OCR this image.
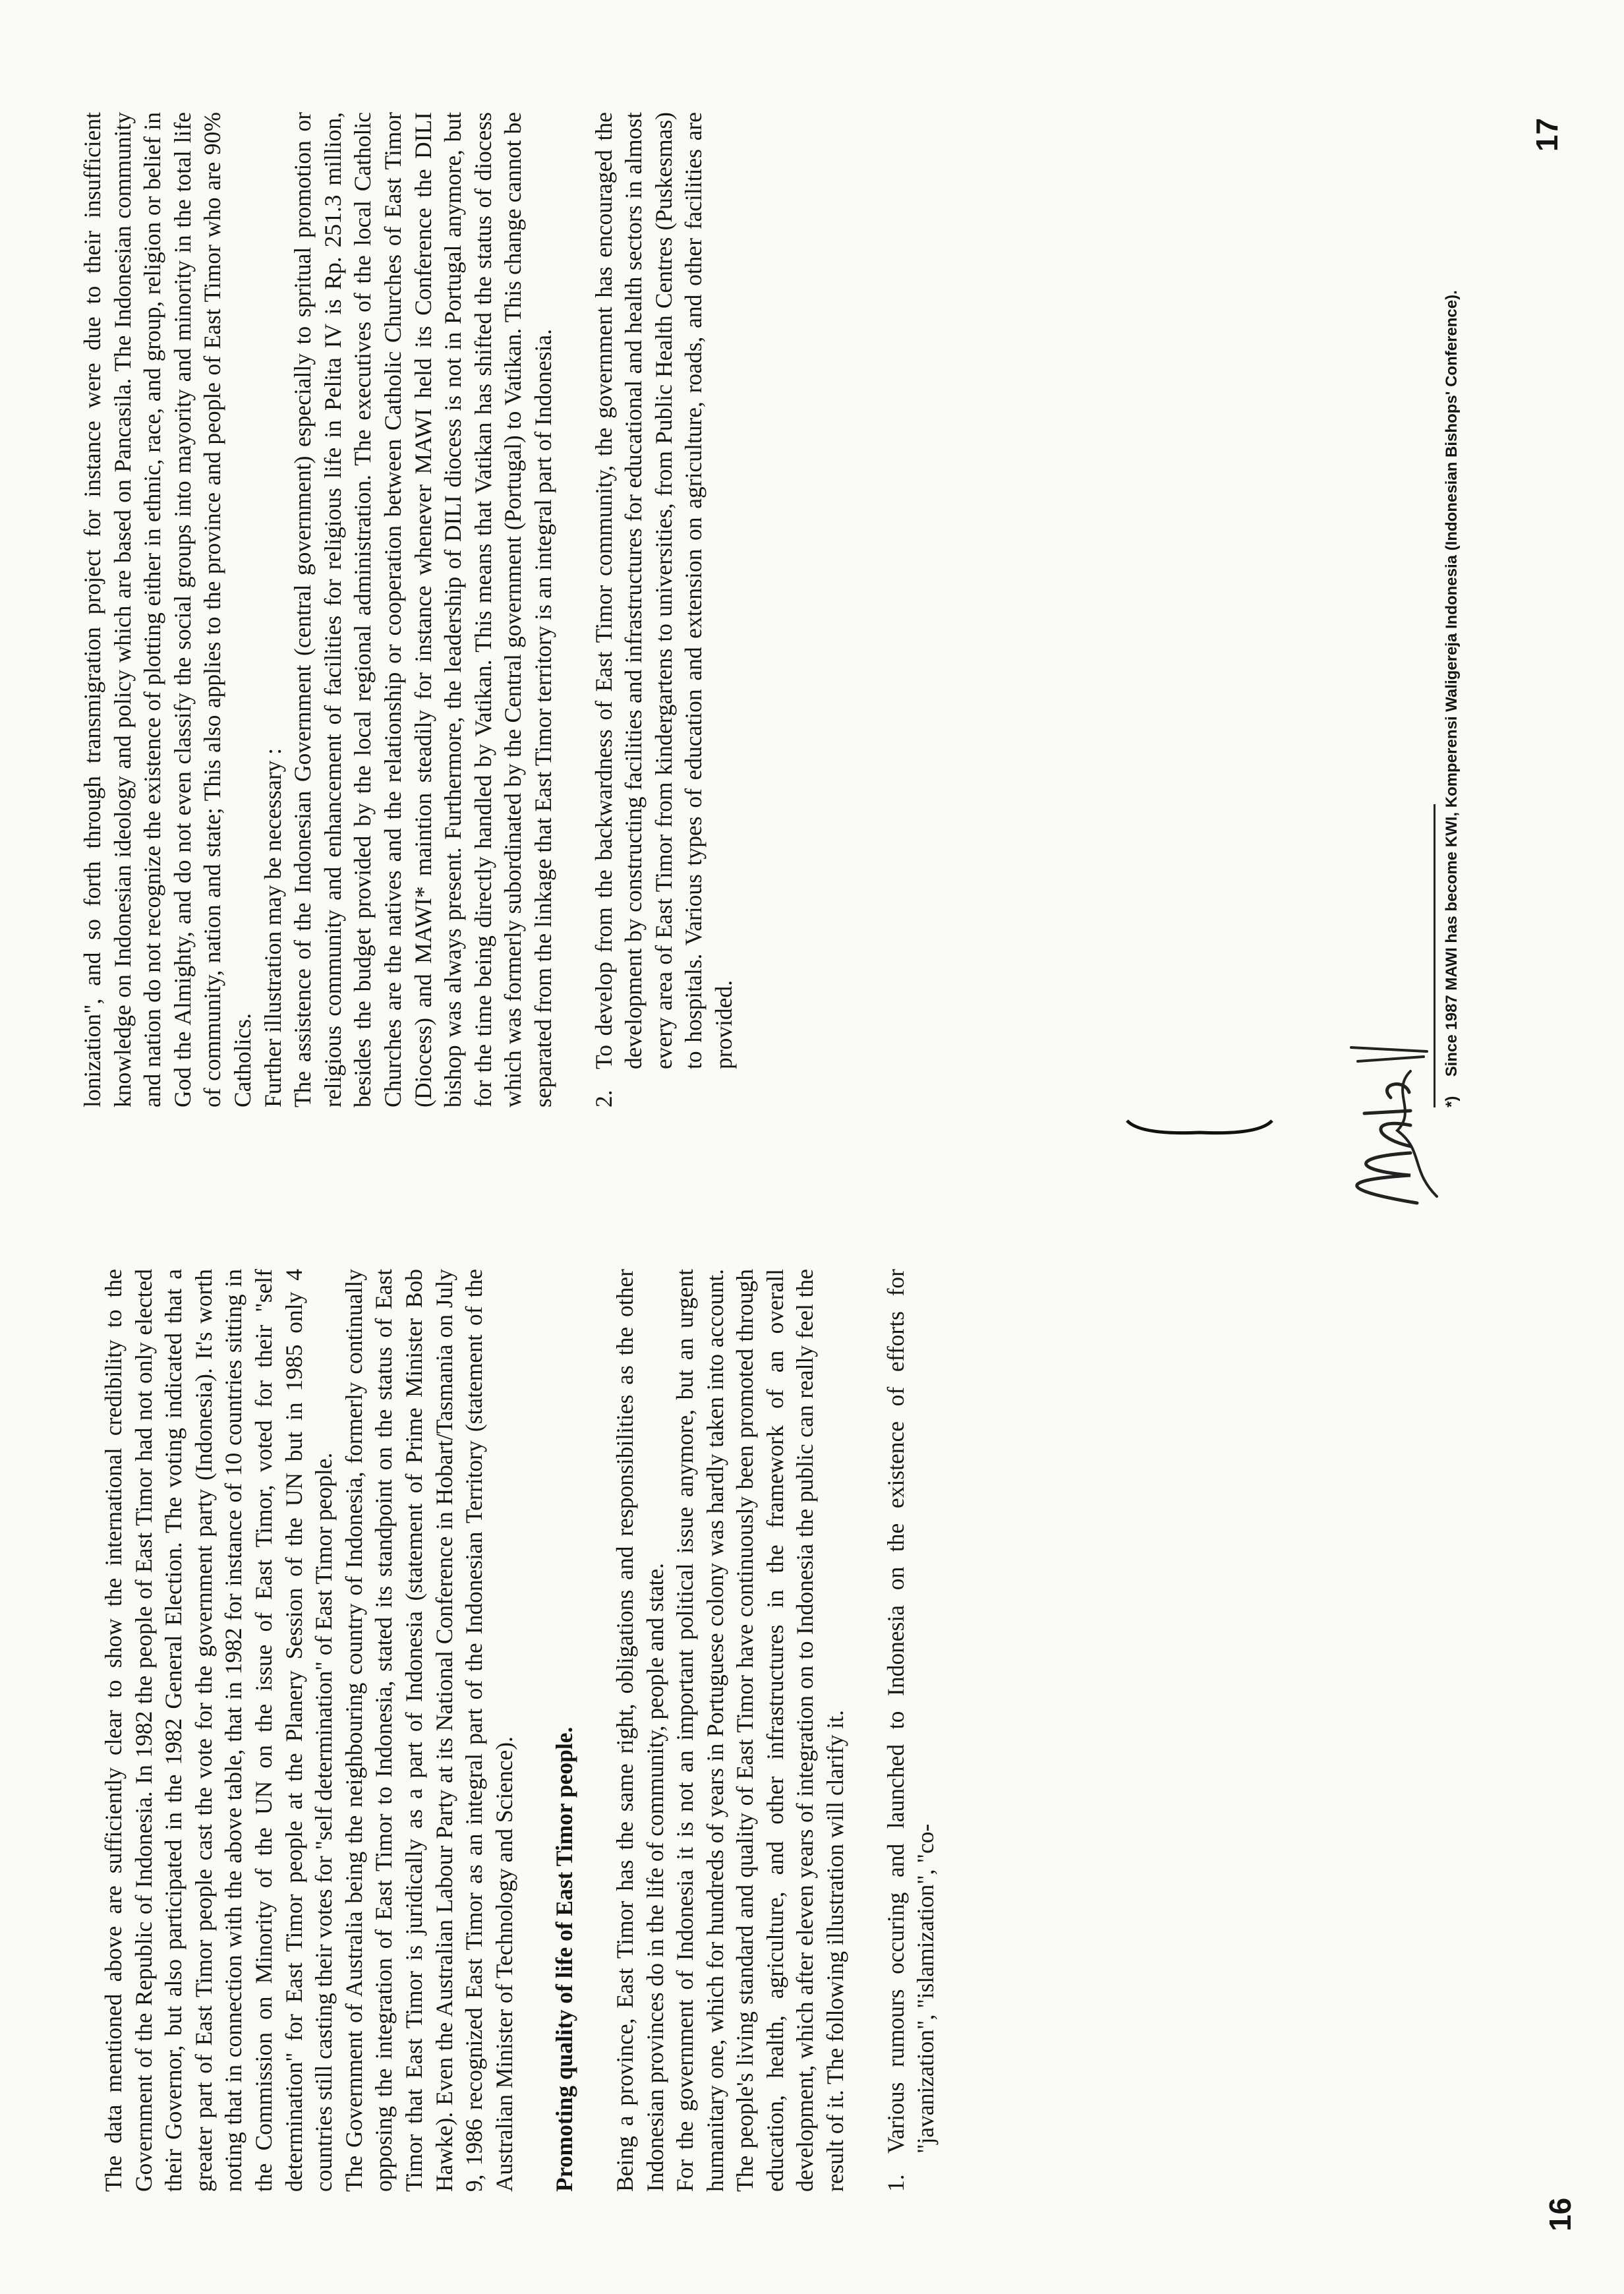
The data mentioned above are sufficiently clear to show the international credibility to the Government of the Republic of Indonesia. In 1982 the people of East Timor had not only elected their Governor, but also participated in the 1982 General Election. The voting indicated that a greater part of East Timor people cast the vote for the government party (Indonesia). It's worth noting that in connection with the above table, that in 1982 for instance of 10 countries sitting in the Commission on Minority of the UN on the issue of East Timor, voted for their "self determination" for East Timor people at the Planery Session of the UN but in 1985 only 4 countries still casting their votes for "self determination" of East Timor people. The Government of Australia being the neighbouring country of Indonesia, formerly continually opposing the integration of East Timor to Indonesia, stated its standpoint on the status of East Timor that East Timor is juridically as a part of Indonesia (statement of Prime Minister Bob Hawke). Even the Australian Labour Party at its National Conference in Hobart/Tasmania on July 9, 1986 recognized East Timor as an integral part of the Indonesian Territory (statement of the Australian Minister of Technology and Science). Promoting quality of life of East Timor people. Being a province, East Timor has the same right, obligations and responsibilities as the other Indonesian provinces do in the life of community, people and state. For the government of Indonesia it is not an important political issue anymore, but an urgent humanitary one, which for hundreds of years in Portuguese colony was hardly taken into account. The people's living standard and quality of East Timor have continuously been promoted through education, health, agriculture, and other infrastructures in the framework of an overall development, which after eleven years of integration on to Indonesia the public can really feel the result of it. The following illustration will clarify it. 1.
Various rumours occuring and launched to Indonesia on the existence of efforts for "javanization", "islamization", "co-

lonization", and so forth through transmigration project for instance were due to their insufficient knowledge on Indonesian ideology and policy which are based on Pancasila. The Indonesian community and nation do not recognize the existence of plotting either in ethnic, race, and group, religion or belief in God the Almighty, and do not even classify the social groups into mayority and minority in the total life of community, nation and state; This also applies to the province and people of East Timor who are 90% Catholics. Further illustration may be necessary : The assistence of the Indonesian Government (central government) especially to spritual promotion or religious community and enhancement of facilities for religious life in Pelita IV is Rp. 251.3 million, besides the budget provided by the local regional administration. The executives of the local Catholic Churches are the natives and the relationship or cooperation between Catholic Churches of East Timor (Diocess) and MAWI* maintion steadily for instance whenever MAWI held its Conference the DILI bishop was always present. Furthermore, the leadership of DILI diocess is not in Portugal anymore, but for the time being directly handled by Vatikan. This means that Vatikan has shifted the status of diocess which was formerly subordinated by the Central government (Portugal) to Vatikan. This change cannot be separated from the linkage that East Timor territory is an integral part of Indonesia. 2.
To develop from the backwardness of East Timor community, the government has encouraged the development by constructing facilities and infrastructures for educational and health sectors in almost every area of East Timor from kindergartens to universities, from Public Health Centres (Puskesmas) to hospitals. Various types of education and extension on agriculture, roads, and other facilities are provided.
*) Since 1987 MAWI has become KWI, Komperensi Waligereja Indonesia (Indonesian Bishops' Conference).
16
17
